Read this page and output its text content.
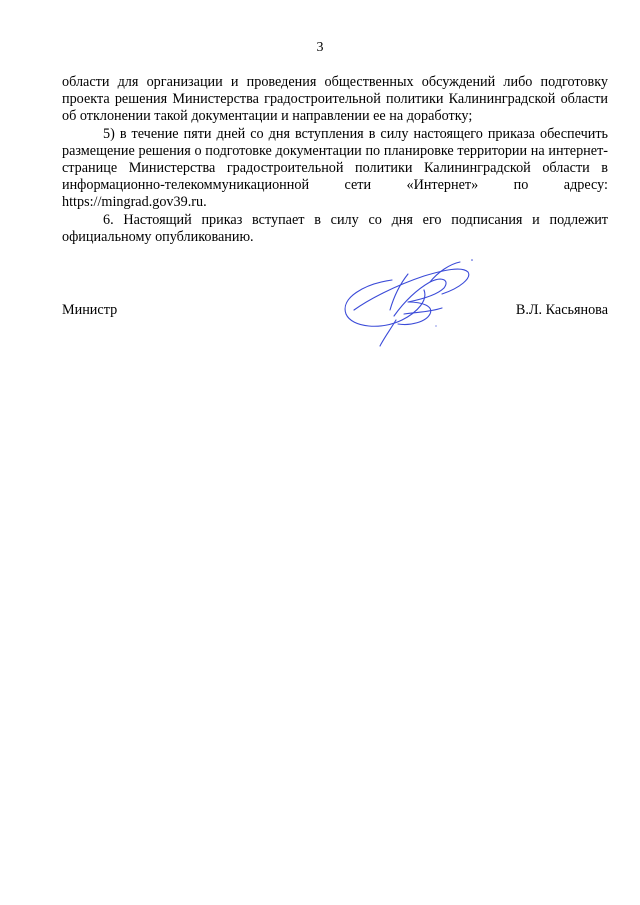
3

области для организации и проведения общественных обсуждений либо подготовку проекта решения Министерства градостроительной политики Калининградской области об отклонении такой документации и направлении ее на доработку;

5) в течение пяти дней со дня вступления в силу настоящего приказа обеспечить размещение решения о подготовке документации по планировке территории на интернет-странице Министерства градостроительной политики Калининградской области в информационно-телекоммуникационной сети «Интернет» по адресу: https://mingrad.gov39.ru.

6. Настоящий приказ вступает в силу со дня его подписания и подлежит официальному опубликованию.

Министр	В.Л. Касьянова
